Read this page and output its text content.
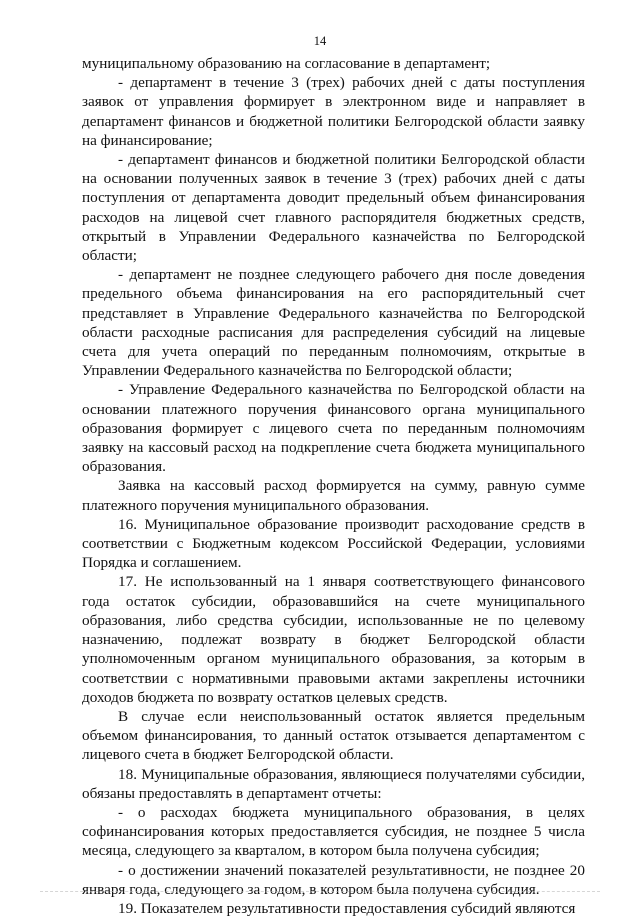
14

муниципальному образованию на согласование в департамент;

- департамент в течение 3 (трех) рабочих дней с даты поступления заявок от управления формирует в электронном виде и направляет в департамент финансов и бюджетной политики Белгородской области заявку на финансирование;

- департамент финансов и бюджетной политики Белгородской области на основании полученных заявок в течение 3 (трех) рабочих дней с даты поступления от департамента доводит предельный объем финансирования расходов на лицевой счет главного распорядителя бюджетных средств, открытый в Управлении Федерального казначейства по Белгородской области;

- департамент не позднее следующего рабочего дня после доведения предельного объема финансирования на его распорядительный счет представляет в Управление Федерального казначейства по Белгородской области расходные расписания для распределения субсидий на лицевые счета для учета операций по переданным полномочиям, открытые в Управлении Федерального казначейства по Белгородской области;

- Управление Федерального казначейства по Белгородской области на основании платежного поручения финансового органа муниципального образования формирует с лицевого счета по переданным полномочиям заявку на кассовый расход на подкрепление счета бюджета муниципального образования.

Заявка на кассовый расход формируется на сумму, равную сумме платежного поручения муниципального образования.

16. Муниципальное образование производит расходование средств в соответствии с Бюджетным кодексом Российской Федерации, условиями Порядка и соглашением.

17. Не использованный на 1 января соответствующего финансового года остаток субсидии, образовавшийся на счете муниципального образования, либо средства субсидии, использованные не по целевому назначению, подлежат возврату в бюджет Белгородской области уполномоченным органом муниципального образования, за которым в соответствии с нормативными правовыми актами закреплены источники доходов бюджета по возврату остатков целевых средств.

В случае если неиспользованный остаток является предельным объемом финансирования, то данный остаток отзывается департаментом с лицевого счета в бюджет Белгородской области.

18. Муниципальные образования, являющиеся получателями субсидии, обязаны предоставлять в департамент отчеты:

- о расходах бюджета муниципального образования, в целях софинансирования которых предоставляется субсидия, не позднее 5 числа месяца, следующего за кварталом, в котором была получена субсидия;

- о достижении значений показателей результативности, не позднее 20 января года, следующего за годом, в котором была получена субсидия.

19. Показателем результативности предоставления субсидий являются
